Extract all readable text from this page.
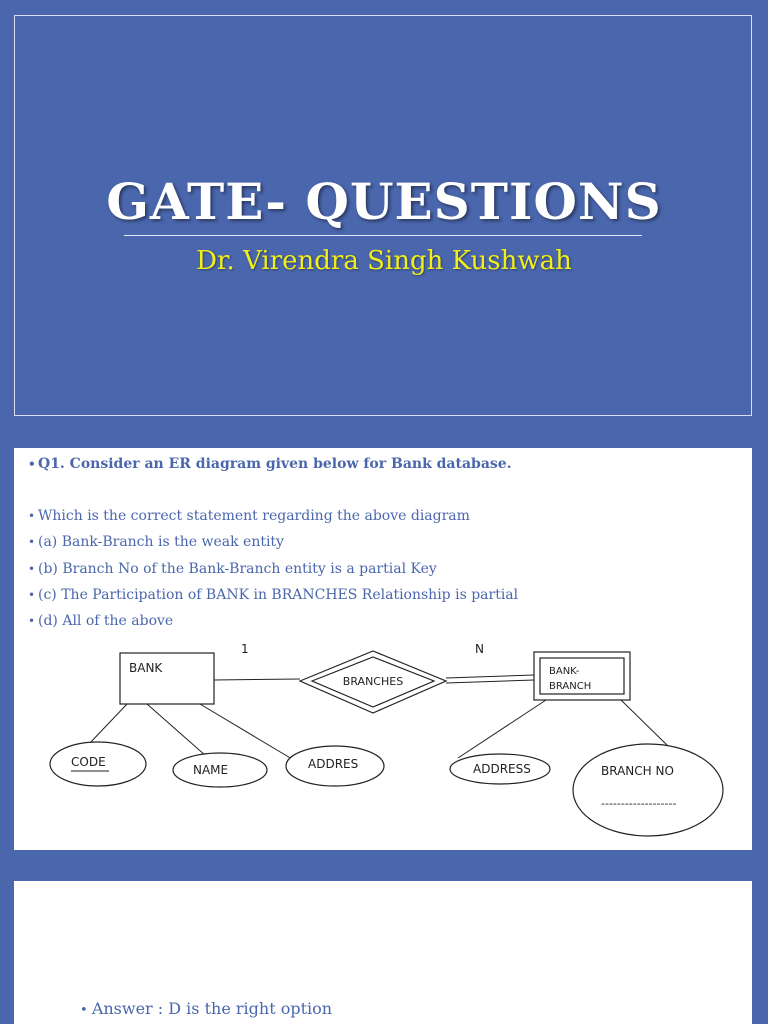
GATE- QUESTIONS
Dr. Virendra Singh Kushwah
• Q1. Consider an ER diagram given below for Bank database.
• Which is the correct statement regarding the above diagram
• (a) Bank-Branch is the weak entity
• (b) Branch No of the Bank-Branch entity is a partial Key
• (c) The Participation of BANK in BRANCHES Relationship is partial
• (d) All of the above
BANK	BANK-
BRANCH
BRANCHES
1	N
CODE
NAME	ADDRES	ADDRESS	BRANCH NO
-------------------
• Answer : D is the right option
